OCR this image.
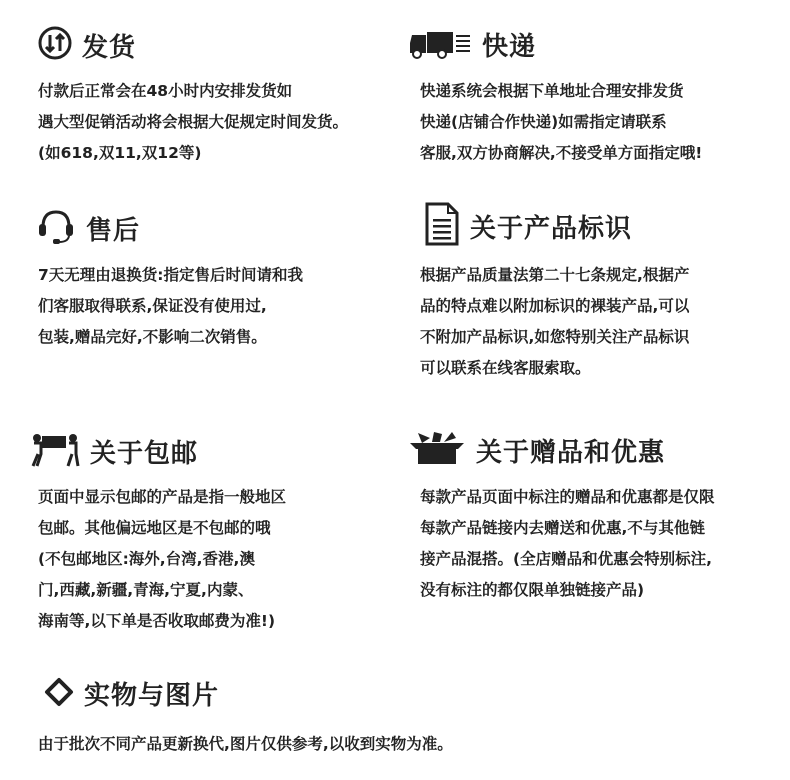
发货
付款后正常会在48小时内安排发货如
遇大型促销活动将会根据大促规定时间发货。
(如618,双11,双12等)
快递
快递系统会根据下单地址合理安排发货
快递(店铺合作快递)如需指定请联系
客服,双方协商解决,不接受单方面指定哦!
售后
7天无理由退换货:指定售后时间请和我
们客服取得联系,保证没有使用过,
包装,赠品完好,不影响二次销售。
关于产品标识
根据产品质量法第二十七条规定,根据产
品的特点难以附加标识的裸装产品,可以
不附加产品标识,如您特别关注产品标识
可以联系在线客服索取。
关于包邮
页面中显示包邮的产品是指一般地区
包邮。其他偏远地区是不包邮的哦
(不包邮地区:海外,台湾,香港,澳
门,西藏,新疆,青海,宁夏,内蒙、
海南等,以下单是否收取邮费为准!)
关于赠品和优惠
每款产品页面中标注的赠品和优惠都是仅限
每款产品链接内去赠送和优惠,不与其他链
接产品混搭。(全店赠品和优惠会特别标注,
没有标注的都仅限单独链接产品)
实物与图片
由于批次不同产品更新换代,图片仅供参考,以收到实物为准。
